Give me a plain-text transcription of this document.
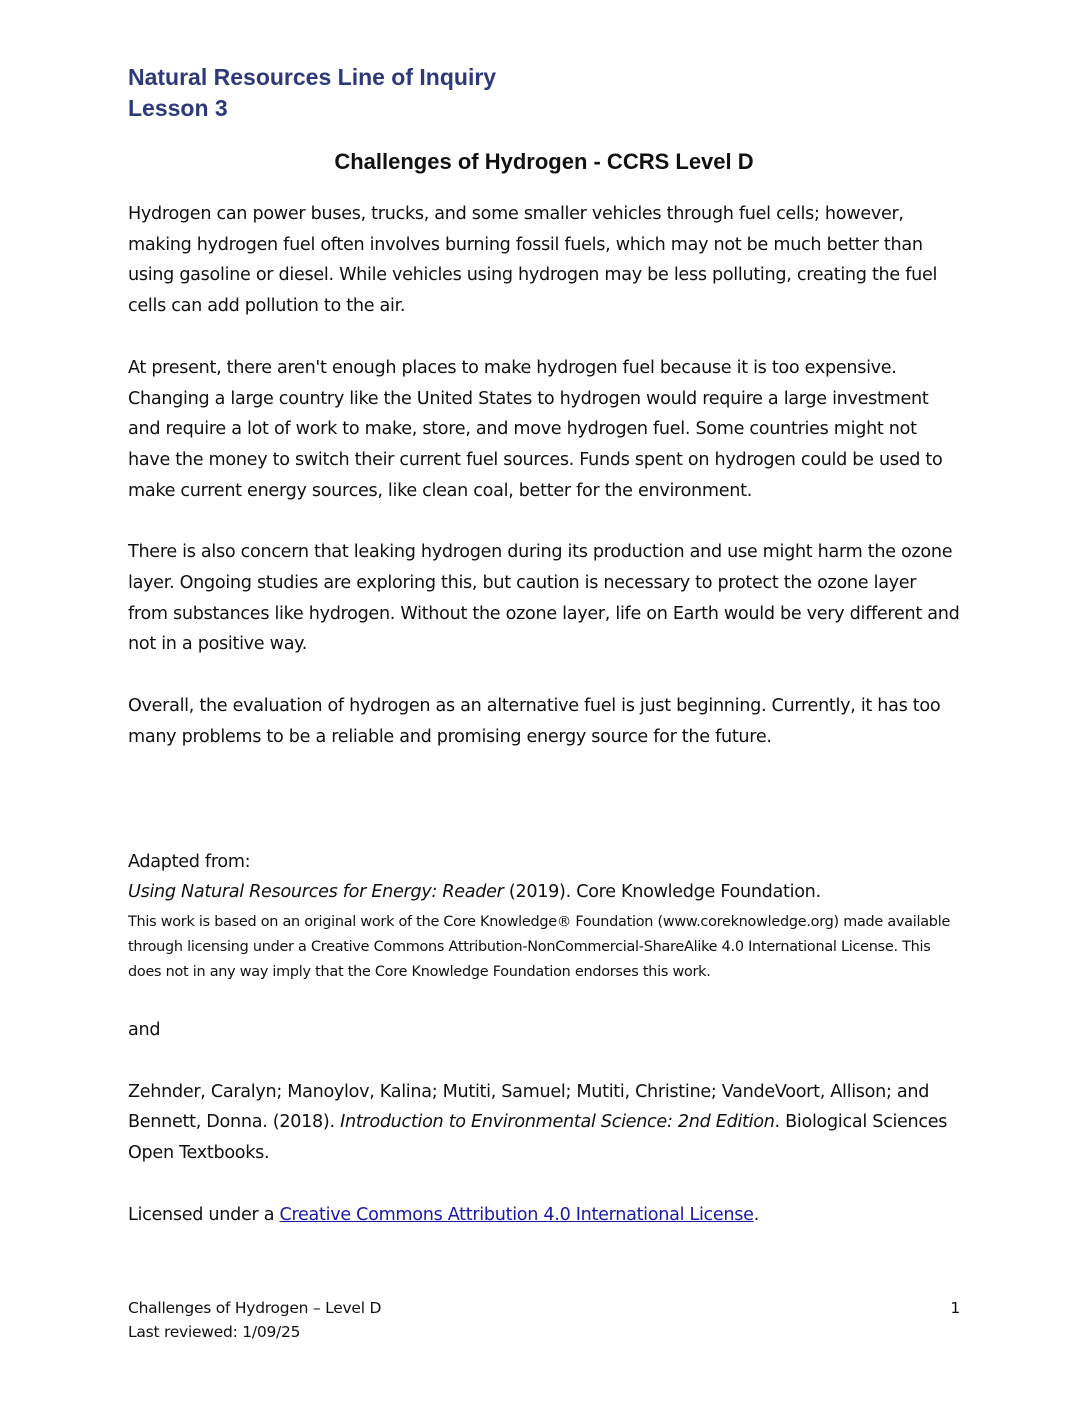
Natural Resources Line of Inquiry

Lesson 3

Challenges of Hydrogen - CCRS Level D

Hydrogen can power buses, trucks, and some smaller vehicles through fuel cells; however, making hydrogen fuel often involves burning fossil fuels, which may not be much better than using gasoline or diesel. While vehicles using hydrogen may be less polluting, creating the fuel cells can add pollution to the air.

At present, there aren't enough places to make hydrogen fuel because it is too expensive. Changing a large country like the United States to hydrogen would require a large investment and require a lot of work to make, store, and move hydrogen fuel. Some countries might not have the money to switch their current fuel sources. Funds spent on hydrogen could be used to make current energy sources, like clean coal, better for the environment.

There is also concern that leaking hydrogen during its production and use might harm the ozone layer. Ongoing studies are exploring this, but caution is necessary to protect the ozone layer from substances like hydrogen. Without the ozone layer, life on Earth would be very different and not in a positive way.

Overall, the evaluation of hydrogen as an alternative fuel is just beginning. Currently, it has too many problems to be a reliable and promising energy source for the future.

Adapted from:

Using Natural Resources for Energy: Reader (2019). Core Knowledge Foundation.

This work is based on an original work of the Core Knowledge® Foundation (www.coreknowledge.org) made available through licensing under a Creative Commons Attribution-NonCommercial-ShareAlike 4.0 International License. This does not in any way imply that the Core Knowledge Foundation endorses this work.

and

Zehnder, Caralyn; Manoylov, Kalina; Mutiti, Samuel; Mutiti, Christine; VandeVoort, Allison; and Bennett, Donna. (2018). Introduction to Environmental Science: 2nd Edition. Biological Sciences Open Textbooks.

Licensed under a Creative Commons Attribution 4.0 International License.

Challenges of Hydrogen – Level D
Last reviewed: 1/09/25
1
